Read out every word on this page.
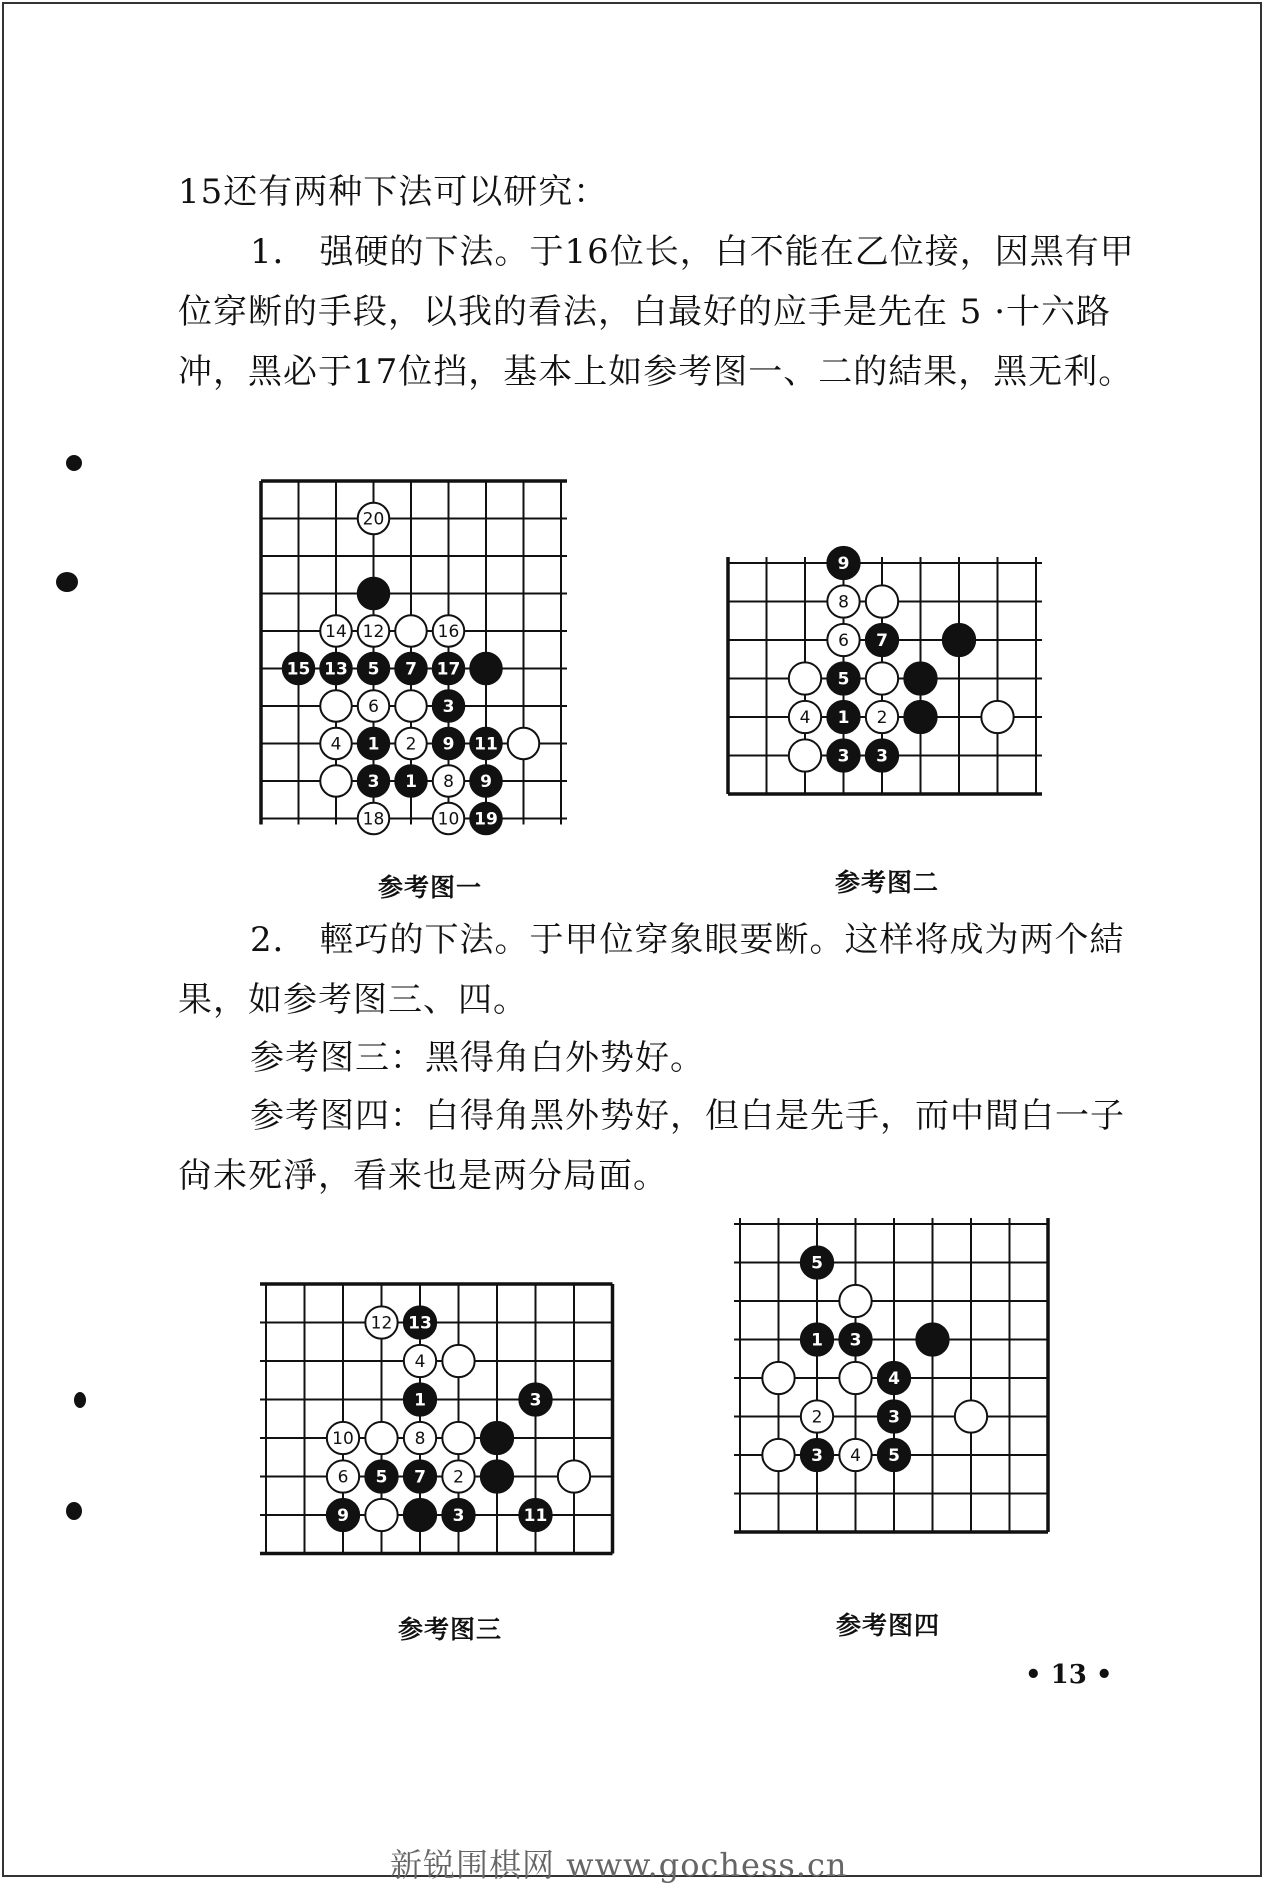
15还有两种下法可以研究：
1． 强硬的下法。于16位长，白不能在乙位接，因黑有甲位穿断的手段，以我的看法，白最好的应手是先在 5 ·十六路冲，黑必于17位挡，基本上如参考图一、二的結果，黑无利。
20
14 12	16
15 13 5 7 17
6	3
4 1 2 9 11
3 1 8 9
18	10 19
参考图一
9
8
6 7
5
4 1 2
3 3
参考图二
2． 輕巧的下法。于甲位穿象眼要断。这样将成为两个結果，如参考图三、四。
参考图三：黑得角白外势好。
参考图四：白得角黑外势好，但白是先手，而中間白一子尙未死淨，看来也是两分局面。
12 13
4
1	3
10	8
6 5 7 2
9	3	11
参考图三
5
1 3
4
2	3
3 4 5
参考图四
• 13 •
新锐围棋网 www.gochess.cn
